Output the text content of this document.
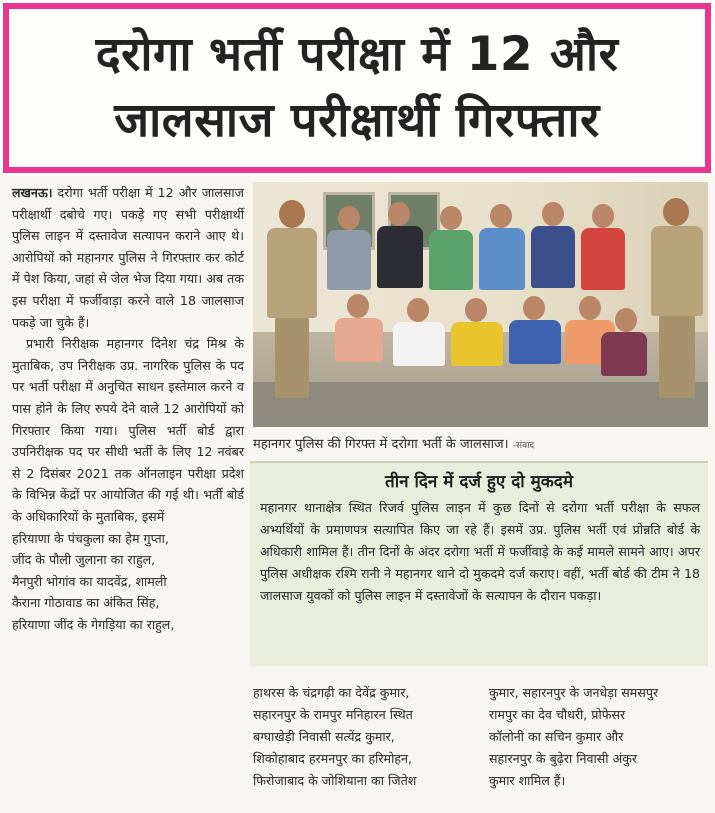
दरोगा भर्ती परीक्षा में 12 और
जालसाज परीक्षार्थी गिरफ्तार

लखनऊ। दरोगा भर्ती परीक्षा में 12 और जालसाज परीक्षार्थी दबोचे गए। पकड़े गए सभी परीक्षार्थी पुलिस लाइन में दस्तावेज सत्यापन कराने आए थे। आरोपियों को महानगर पुलिस ने गिरफ्तार कर कोर्ट में पेश किया, जहां से जेल भेज दिया गया। अब तक इस परीक्षा में फर्जीवाड़ा करने वाले 18 जालसाज पकड़े जा चुके हैं।

प्रभारी निरीक्षक महानगर दिनेश चंद्र मिश्र के मुताबिक, उप निरीक्षक उप्र. नागरिक पुलिस के पद पर भर्ती परीक्षा में अनुचित साधन इस्तेमाल करने व पास होने के लिए रुपये देने वाले 12 आरोपियों को गिरफ्तार किया गया। पुलिस भर्ती बोर्ड द्वारा उपनिरीक्षक पद पर सीधी भर्ती के लिए 12 नवंबर से 2 दिसंबर 2021 तक ऑनलाइन परीक्षा प्रदेश के विभिन्न केंद्रों पर आयोजित की गई थी। भर्ती बोर्ड के अधिकारियों के मुताबिक, इसमें

हरियाणा के पंचकुला का हेम गुप्ता,

जींद के पौली जुलाना का राहुल,

मैनपुरी भोगांव का यादवेंद्र, शामली

कैराना गोठावाड का अंकित सिंह,

हरियाणा जींद के गेगड़िया का राहुल,

महानगर पुलिस की गिरफ्त में दरोगा भर्ती के जालसाज। -संवाद
तीन दिन में दर्ज हुए दो मुकदमे
महानगर थानाक्षेत्र स्थित रिजर्व पुलिस लाइन में कुछ दिनों से दरोगा भर्ती परीक्षा के सफल अभ्यर्थियों के प्रमाणपत्र सत्यापित किए जा रहे हैं। इसमें उप्र. पुलिस भर्ती एवं प्रोन्नति बोर्ड के अधिकारी शामिल हैं। तीन दिनों के अंदर दरोगा भर्ती में फर्जीवाड़े के कई मामले सामने आए। अपर पुलिस अधीक्षक रश्मि रानी ने महानगर थाने दो मुकदमे दर्ज कराए। वहीं, भर्ती बोर्ड की टीम ने 18 जालसाज युवकों को पुलिस लाइन में दस्तावेजों के सत्यापन के दौरान पकड़ा।

हाथरस के चंद्रगढ़ी का देवेंद्र कुमार,

सहारनपुर के रामपुर मनिहारन स्थित

बग्घाखेड़ी निवासी सत्येंद्र कुमार,

शिकोहाबाद हरमनपुर का हरिमोहन,

फिरोजाबाद के जोशियाना का जितेश

कुमार, सहारनपुर के जनधेड़ा समसपुर

रामपुर का देव चौधरी, प्रोफेसर

कॉलोनी का सचिन कुमार और

सहारनपुर के बुढ़ेरा निवासी अंकुर

कुमार शामिल हैं।
